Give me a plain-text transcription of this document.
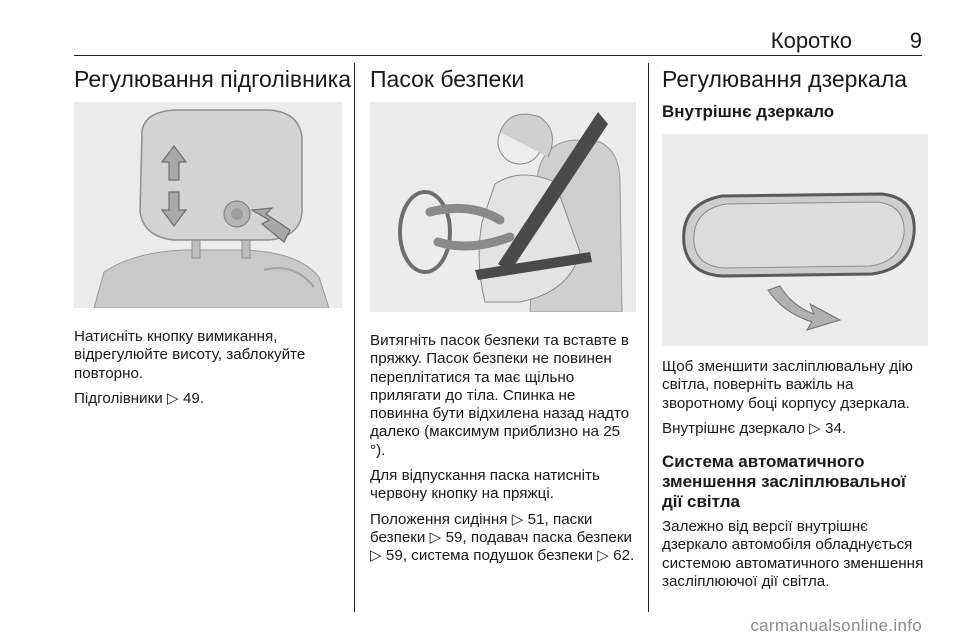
Коротко	9
Регулювання підголівника

Натисніть кнопку вимикання, відрегулюйте висоту, заблокуйте повторно.

Підголівники ▷ 49.

Пасок безпеки

Витягніть пасок безпеки та вставте в пряжку. Пасок безпеки не повинен переплітатися та має щільно прилягати до тіла. Спинка не повинна бути відхилена назад надто далеко (максимум приблизно на 25 °).

Для відпускання паска натисніть червону кнопку на пряжці.

Положення сидіння ▷ 51, паски безпеки ▷ 59, подавач паска безпеки ▷ 59, система подушок безпеки ▷ 62.

Регулювання дзеркала
Внутрішнє дзеркало

Щоб зменшити засліплювальну дію світла, поверніть важіль на зворотному боці корпусу дзеркала.

Внутрішнє дзеркало ▷ 34.

Система автоматичного зменшення засліплювальної дії світла

Залежно від версії внутрішнє дзеркало автомобіля обладнується системою автоматичного зменшення засліплюючої дії світла.

carmanualsonline.info
